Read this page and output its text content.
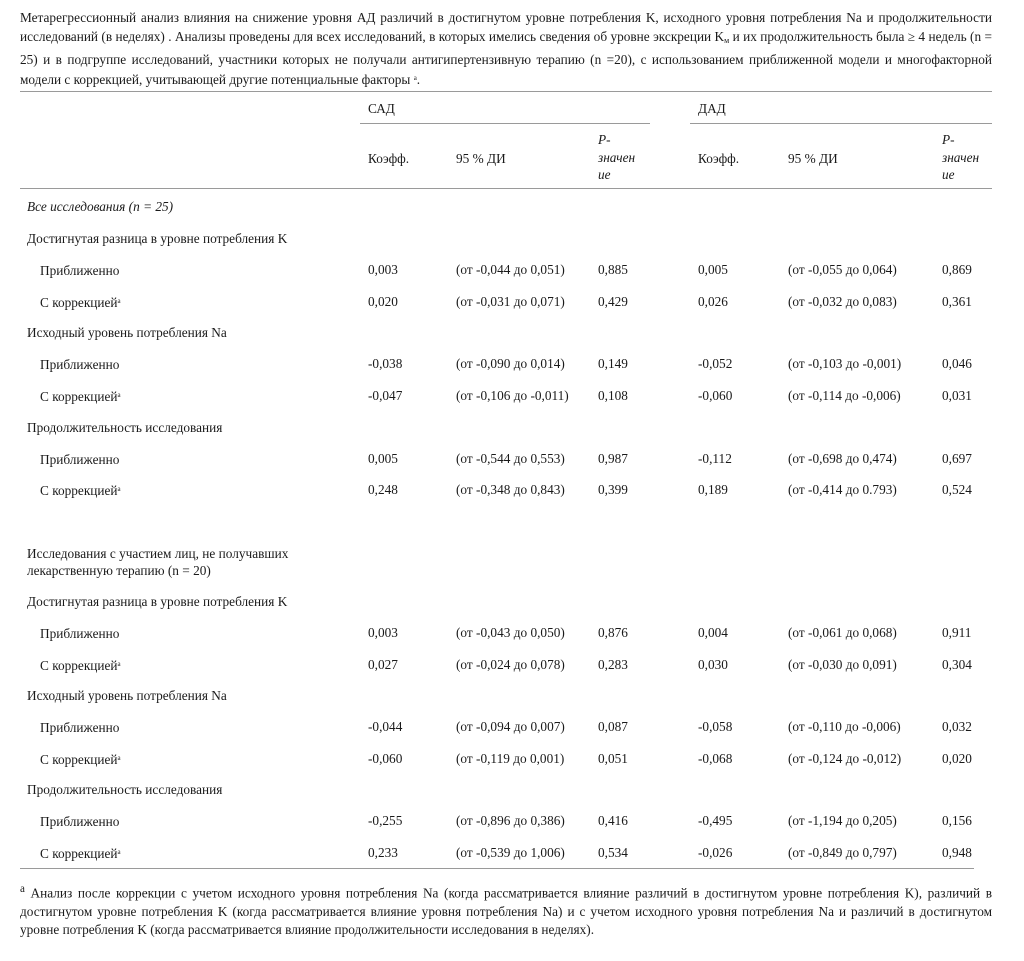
Метарегрессионный анализ влияния на снижение уровня АД различий в достигнутом уровне потребления K, исходного уровня потребления Na и продолжительности исследований (в неделях) . Анализы проведены для всех исследований, в которых имелись сведения об уровне экскреции $K_м$ и их продолжительность была ≥ 4 недель (n = 25) и в подгруппе исследований, участники которых не получали антигипертензивную терапию (n =20), с использованием приближенной модели и многофакторной модели с коррекцией, учитывающей другие потенциальные факторы $^a$.
САД	ДАД
Коэфф.	95 % ДИ
P-
значен
ие
Коэфф.	95 % ДИ
P-
значен
ие
Все исследования (n = 25)
Достигнутая разница в уровне потребления K
Приближенно	0,003	(от -0,044 до 0,051) 0,885	0,005	(от -0,055 до 0,064)	0,869
С коррекцией$^a$	0,020	(от -0,031 до 0,071) 0,429	0,026	(от -0,032 до 0,083)	0,361
Исходный уровень потребления Na
Приближенно	-0,038	(от -0,090 до 0,014) 0,149	-0,052	(от -0,103 до -0,001)	0,046
С коррекцией$^a$	-0,047	(от -0,106 до -0,011) 0,108	-0,060	(от -0,114 до -0,006)	0,031
Продолжительность исследования
Приближенно	0,005	(от -0,544 до 0,553) 0,987	-0,112	(от -0,698 до 0,474)	0,697
С коррекцией$^a$	0,248	(от -0,348 до 0,843) 0,399	0,189	(от -0,414 до 0.793)	0,524
Исследования с участием лиц, не получавших
лекарственную терапию (n = 20)
Достигнутая разница в уровне потребления K
Приближенно	0,003	(от -0,043 до 0,050) 0,876	0,004	(от -0,061 до 0,068)	0,911
С коррекцией$^a$	0,027	(от -0,024 до 0,078) 0,283	0,030	(от -0,030 до 0,091)	0,304
Исходный уровень потребления Na
Приближенно	-0,044	(от -0,094 до 0,007) 0,087	-0,058	(от -0,110 до -0,006)	0,032
С коррекцией$^a$	-0,060	(от -0,119 до 0,001)	0,051	-0,068	(от -0,124 до -0,012)	0,020
Продолжительность исследования
Приближенно	-0,255	(от -0,896 до 0,386) 0,416	-0,495	(от -1,194 до 0,205)	0,156
С коррекцией$^a$	0,233	(от -0,539 до 1,006) 0,534	-0,026	(от -0,849 до 0,797)	0,948
$^a$ Анализ после коррекции с учетом исходного уровня потребления Na (когда рассматривается влияние различий в достигнутом уровне потребления K), различий в достигнутом уровне потребления K (когда рассматривается влияние уровня потребления Na) и с учетом исходного уровня потребления Na и различий в достигнутом уровне потребления K (когда рассматривается влияние продолжительности исследования в неделях).
